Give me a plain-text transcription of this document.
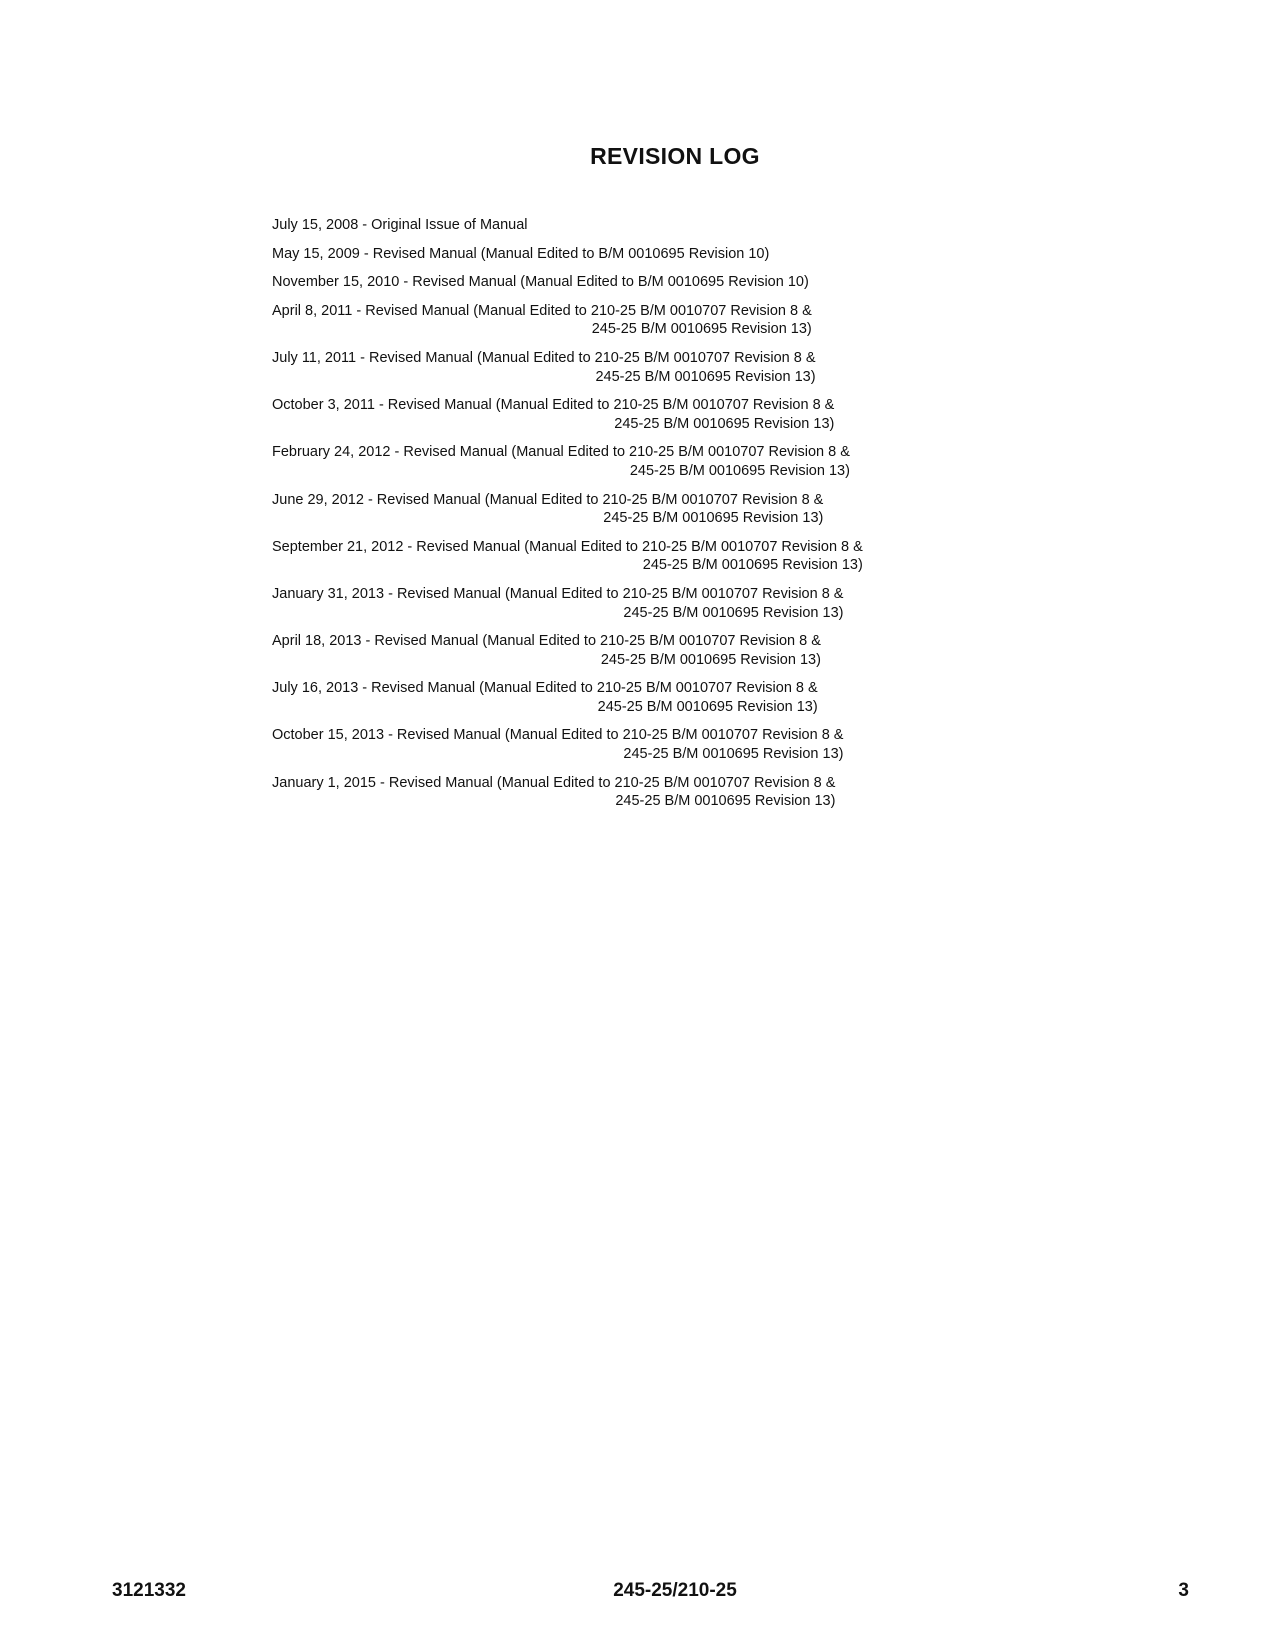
REVISION LOG
July 15, 2008 - Original Issue of Manual
May 15, 2009 - Revised Manual (Manual Edited to B/M 0010695 Revision 10)
November 15, 2010 - Revised Manual (Manual Edited to B/M 0010695 Revision 10)
April 8, 2011 - Revised Manual (Manual Edited to 210-25 B/M 0010707 Revision 8 &
245-25 B/M 0010695 Revision 13)
July 11, 2011 - Revised Manual (Manual Edited to 210-25 B/M 0010707 Revision 8 &
245-25 B/M 0010695 Revision 13)
October 3, 2011 - Revised Manual (Manual Edited to 210-25 B/M 0010707 Revision 8 &
245-25 B/M 0010695 Revision 13)
February 24, 2012 - Revised Manual (Manual Edited to 210-25 B/M 0010707 Revision 8 &
245-25 B/M 0010695 Revision 13)
June 29, 2012 - Revised Manual (Manual Edited to 210-25 B/M 0010707 Revision 8 &
245-25 B/M 0010695 Revision 13)
September 21, 2012 - Revised Manual (Manual Edited to 210-25 B/M 0010707 Revision 8 &
245-25 B/M 0010695 Revision 13)
January 31, 2013 - Revised Manual (Manual Edited to 210-25 B/M 0010707 Revision 8 &
245-25 B/M 0010695 Revision 13)
April 18, 2013 - Revised Manual (Manual Edited to 210-25 B/M 0010707 Revision 8 &
245-25 B/M 0010695 Revision 13)
July 16, 2013 - Revised Manual (Manual Edited to 210-25 B/M 0010707 Revision 8 &
245-25 B/M 0010695 Revision 13)
October 15, 2013 - Revised Manual (Manual Edited to 210-25 B/M 0010707 Revision 8 &
245-25 B/M 0010695 Revision 13)
January 1, 2015 - Revised Manual (Manual Edited to 210-25 B/M 0010707 Revision 8 &
245-25 B/M 0010695 Revision 13)
3121332	245-25/210-25	3
